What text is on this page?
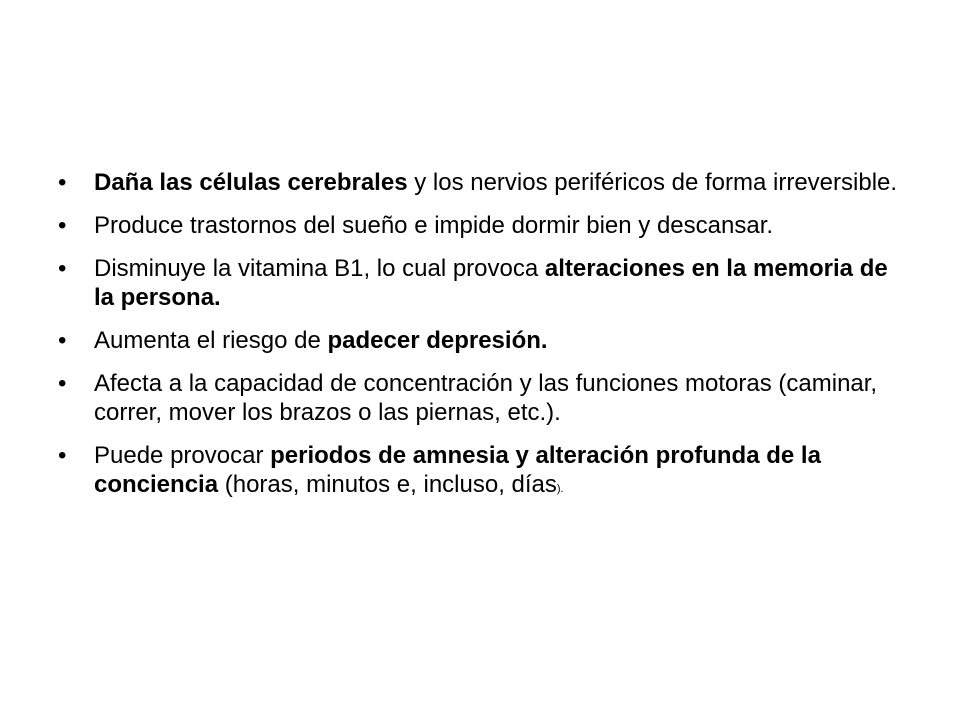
•	Daña las células cerebrales y los nervios periféricos de forma irreversible.
•	Produce trastornos del sueño e impide dormir bien y descansar.
•	Disminuye la vitamina B1, lo cual provoca alteraciones en la memoria de la persona.
•	Aumenta el riesgo de padecer depresión.
•	Afecta a la capacidad de concentración y las funciones motoras (caminar, correr, mover los brazos o las piernas, etc.).
•	Puede provocar periodos de amnesia y alteración profunda de la conciencia (horas, minutos e, incluso, días).
